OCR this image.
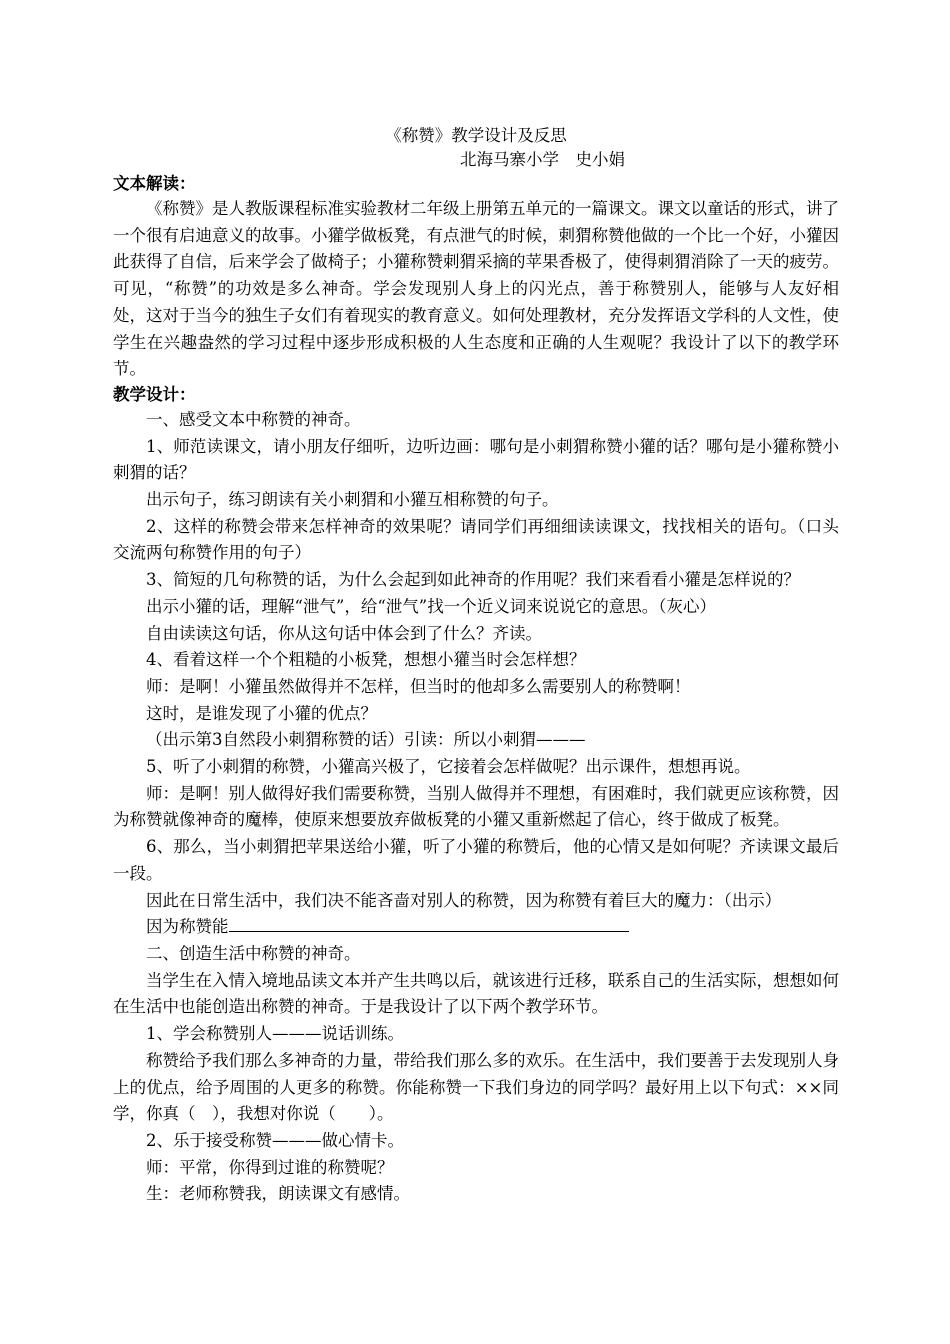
《称赞》教学设计及反思

北海马寨小学　史小娟

文本解读：

《称赞》是人教版课程标准实验教材二年级上册第五单元的一篇课文。课文以童话的形式，讲了一个很有启迪意义的故事。小獾学做板凳，有点泄气的时候，刺猬称赞他做的一个比一个好，小獾因此获得了自信，后来学会了做椅子；小獾称赞刺猬采摘的苹果香极了，使得刺猬消除了一天的疲劳。可见，“称赞”的功效是多么神奇。学会发现别人身上的闪光点，善于称赞别人，能够与人友好相处，这对于当今的独生子女们有着现实的教育意义。如何处理教材，充分发挥语文学科的人文性，使学生在兴趣盎然的学习过程中逐步形成积极的人生态度和正确的人生观呢？我设计了以下的教学环节。

教学设计：

一、感受文本中称赞的神奇。

1、师范读课文，请小朋友仔细听，边听边画：哪句是小刺猬称赞小獾的话？哪句是小獾称赞小刺猬的话？

出示句子，练习朗读有关小刺猬和小獾互相称赞的句子。

2、这样的称赞会带来怎样神奇的效果呢？请同学们再细细读读课文，找找相关的语句。（口头交流两句称赞作用的句子）

3、简短的几句称赞的话，为什么会起到如此神奇的作用呢？我们来看看小獾是怎样说的？

出示小獾的话，理解“泄气”，给“泄气”找一个近义词来说说它的意思。（灰心）

自由读读这句话，你从这句话中体会到了什么？齐读。

4、看着这样一个个粗糙的小板凳，想想小獾当时会怎样想？

师：是啊！小獾虽然做得并不怎样，但当时的他却多么需要别人的称赞啊！

这时，是谁发现了小獾的优点？

（出示第3自然段小刺猬称赞的话）引读：所以小刺猬———

5、听了小刺猬的称赞，小獾高兴极了，它接着会怎样做呢？出示课件，想想再说。

师：是啊！别人做得好我们需要称赞，当别人做得并不理想，有困难时，我们就更应该称赞，因为称赞就像神奇的魔棒，使原来想要放弃做板凳的小獾又重新燃起了信心，终于做成了板凳。

6、那么，当小刺猬把苹果送给小獾，听了小獾的称赞后，他的心情又是如何呢？齐读课文最后一段。

因此在日常生活中，我们决不能吝啬对别人的称赞，因为称赞有着巨大的魔力：（出示）

因为称赞能

二、创造生活中称赞的神奇。

当学生在入情入境地品读文本并产生共鸣以后，就该进行迁移，联系自己的生活实际，想想如何在生活中也能创造出称赞的神奇。于是我设计了以下两个教学环节。

1、学会称赞别人———说话训练。

称赞给予我们那么多神奇的力量，带给我们那么多的欢乐。在生活中，我们要善于去发现别人身上的优点，给予周围的人更多的称赞。你能称赞一下我们身边的同学吗？最好用上以下句式：××同学，你真（　），我想对你说（　　）。

2、乐于接受称赞———做心情卡。

师：平常，你得到过谁的称赞呢？

生：老师称赞我，朗读课文有感情。
